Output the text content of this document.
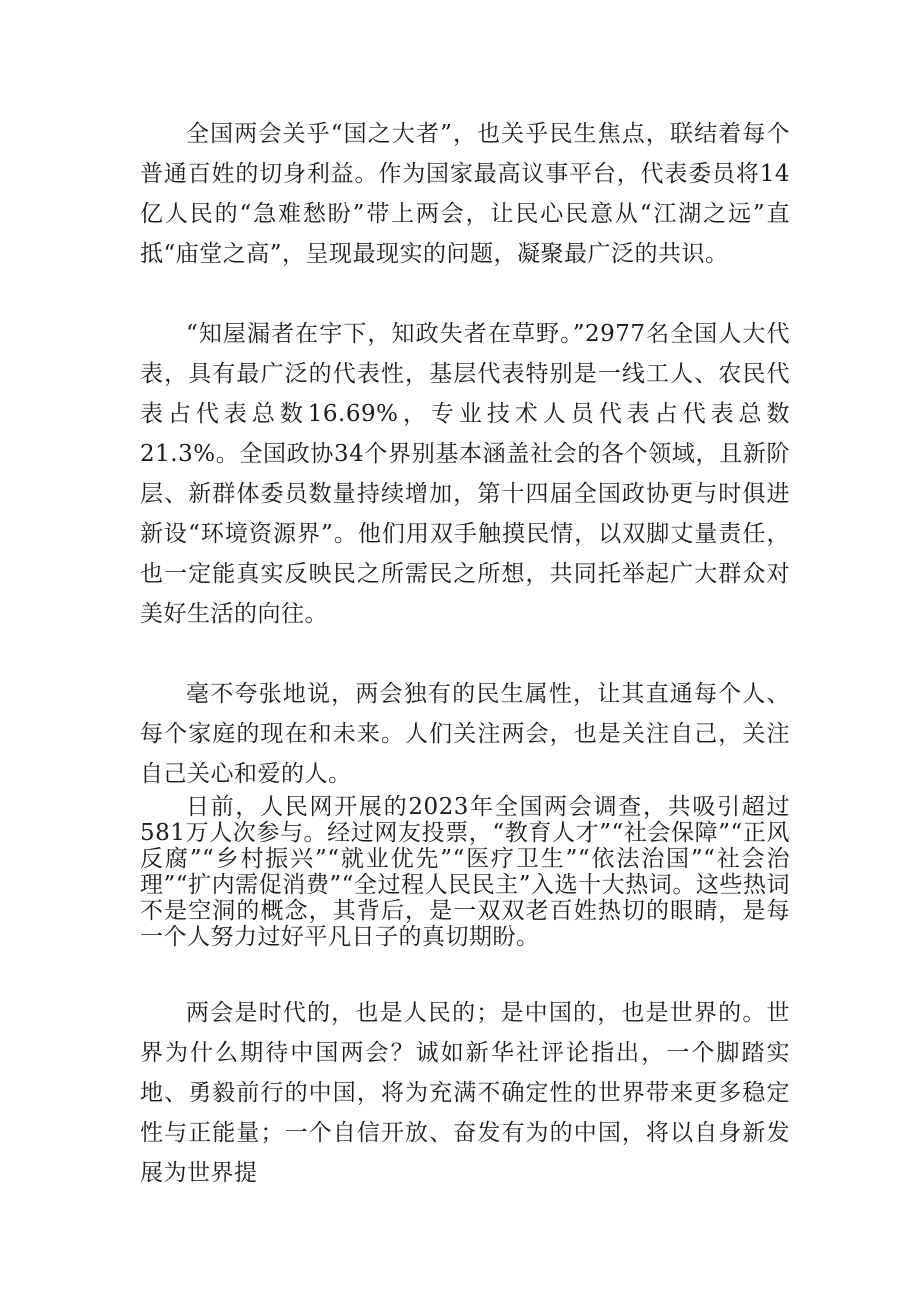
全国两会关乎“国之大者”，也关乎民生焦点，联结着每个普通百姓的切身利益。作为国家最高议事平台，代表委员将14亿人民的“急难愁盼”带上两会，让民心民意从“江湖之远”直抵“庙堂之高”，呈现最现实的问题，凝聚最广泛的共识。

“知屋漏者在宇下，知政失者在草野。”2977名全国人大代表，具有最广泛的代表性，基层代表特别是一线工人、农民代表占代表总数16.69%，专业技术人员代表占代表总数21.3%。全国政协34个界别基本涵盖社会的各个领域，且新阶层、新群体委员数量持续增加，第十四届全国政协更与时俱进新设“环境资源界”。他们用双手触摸民情，以双脚丈量责任，也一定能真实反映民之所需民之所想，共同托举起广大群众对美好生活的向往。

毫不夸张地说，两会独有的民生属性，让其直通每个人、每个家庭的现在和未来。人们关注两会，也是关注自己，关注自己关心和爱的人。

日前，人民网开展的2023年全国两会调查，共吸引超过581万人次参与。经过网友投票，“教育人才”“社会保障”“正风反腐”“乡村振兴”“就业优先”“医疗卫生”“依法治国”“社会治理”“扩内需促消费”“全过程人民民主”入选十大热词。这些热词不是空洞的概念，其背后，是一双双老百姓热切的眼睛，是每一个人努力过好平凡日子的真切期盼。

两会是时代的，也是人民的；是中国的，也是世界的。世界为什么期待中国两会？诚如新华社评论指出，一个脚踏实地、勇毅前行的中国，将为充满不确定性的世界带来更多稳定性与正能量；一个自信开放、奋发有为的中国，将以自身新发展为世界提
